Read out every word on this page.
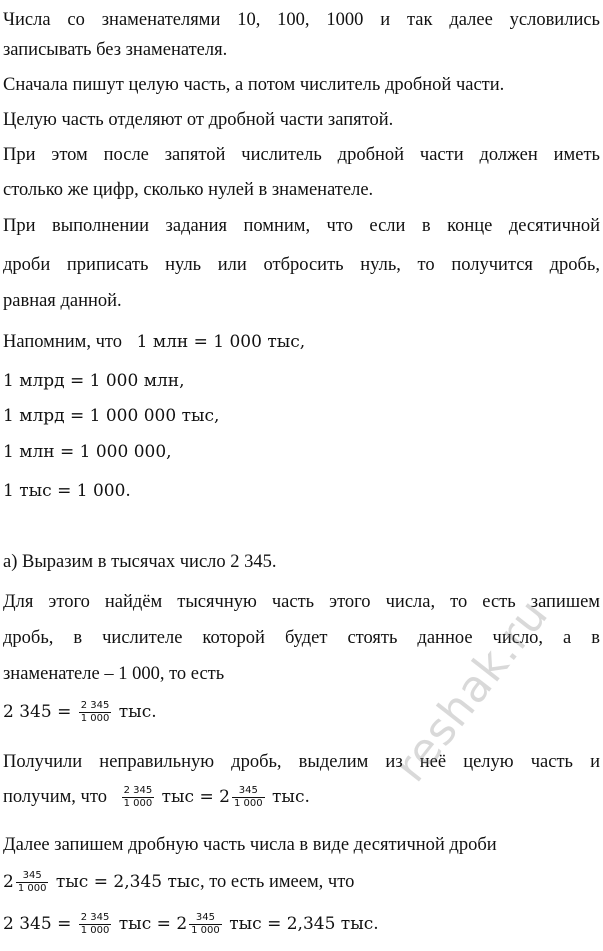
Числа со знаменателями 10, 100, 1000 и так далее условились
записывать без знаменателя.
Сначала пишут целую часть, а потом числитель дробной части.
Целую часть отделяют от дробной части запятой.
При этом после запятой числитель дробной части должен иметь
столько же цифр, сколько нулей в знаменателе.
При выполнении задания помним, что если в конце десятичной
дроби приписать нуль или отбросить нуль, то получится дробь,
равная данной.
Напомним, что 1 млн = 1 000 тыс,
1 млрд = 1 000 млн,
1 млрд = 1 000 000 тыс,
1 млн = 1 000 000,
1 тыс = 1 000.
а) Выразим в тысячах число 2 345.
Для этого найдём тысячную часть этого числа, то есть запишем
дробь, в числителе которой будет стоять данное число, а в
знаменателе – 1 000, то есть
2 $345 = \frac{2 345}{1 000}$ тыс.
Получили неправильную дробь, выделим из неё целую часть и
получим, что $\frac{2 345}{1 000}$ тыс = $2 \frac{345}{1 000}$ тыс.
Далее запишем дробную часть числа в виде десятичной дроби
$2 \frac{345}{1 000}$ тыс = 2,345 тыс, то есть имеем, что
2 $345 = \frac{2 345}{1 000}$ тыс = $2 \frac{345}{1 000}$ тыс = 2,345 тыс.
reshak.ru
